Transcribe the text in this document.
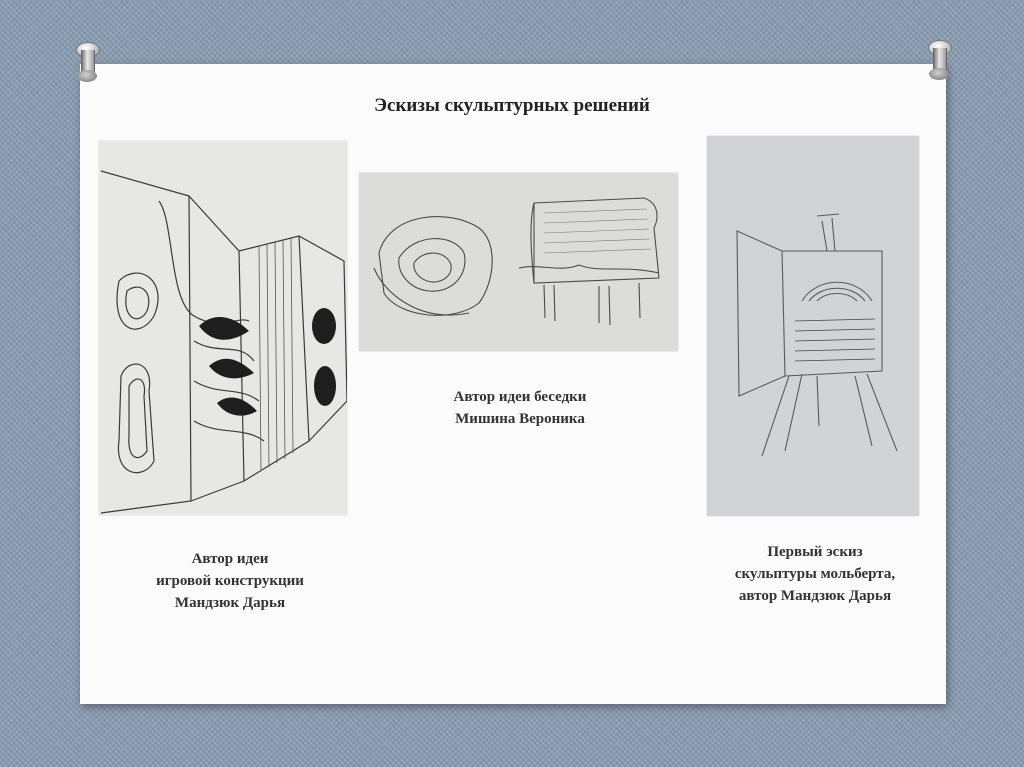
Эскизы скульптурных решений
Автор идеи
игровой конструкции
Мандзюк Дарья
Автор идеи беседки
Мишина Вероника
Первый эскиз
скульптуры мольберта,
автор Мандзюк Дарья
